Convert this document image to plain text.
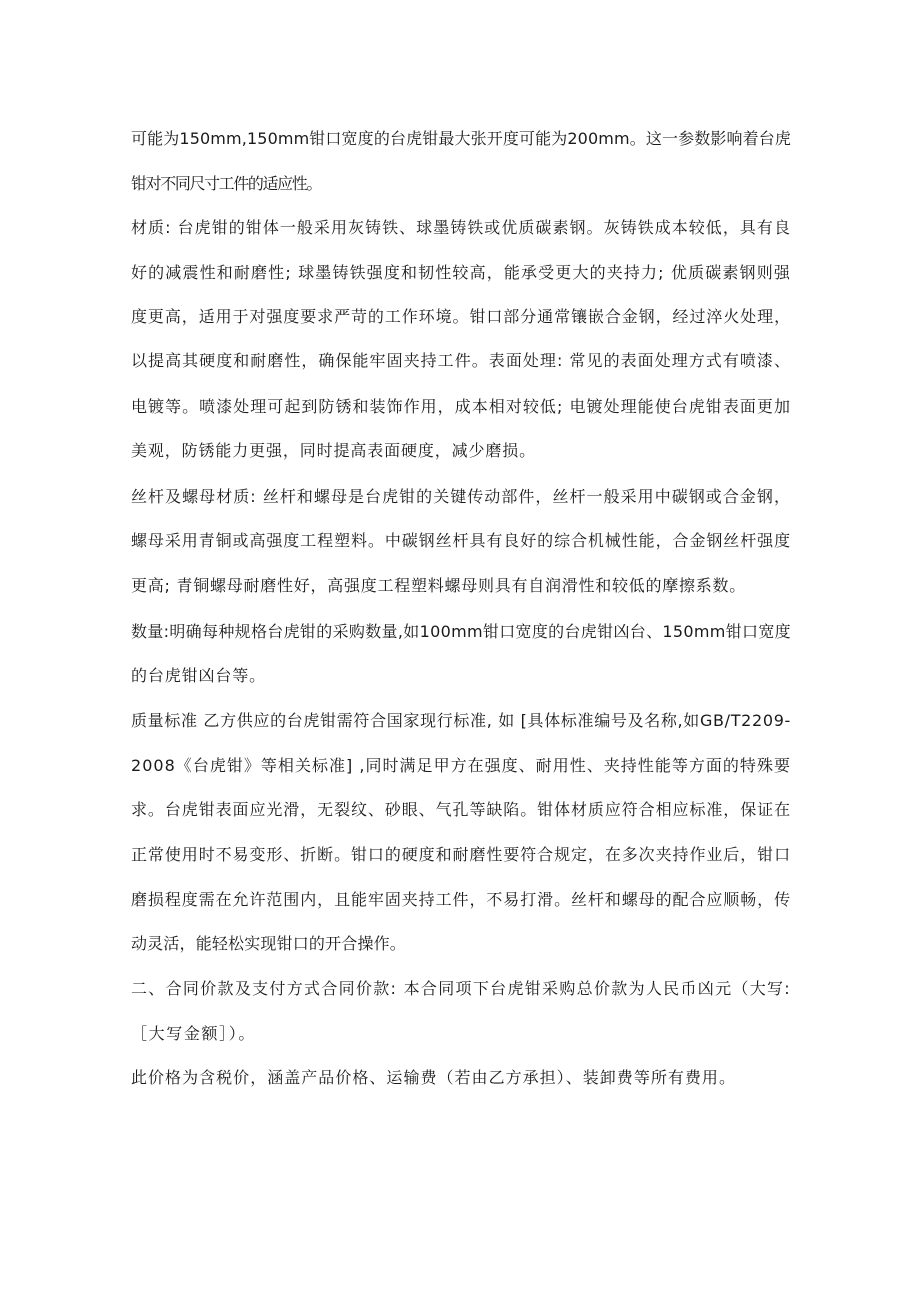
可能为150mm,150mm钳口宽度的台虎钳最大张开度可能为200mm。这一参数影响着台虎
钳对不同尺寸工件的适应性。
材质: 台虎钳的钳体一般采用灰铸铁、球墨铸铁或优质碳素钢。灰铸铁成本较低，具有良
好的减震性和耐磨性; 球墨铸铁强度和韧性较高，能承受更大的夹持力; 优质碳素钢则强
度更高，适用于对强度要求严苛的工作环境。钳口部分通常镶嵌合金钢，经过淬火处理，
以提高其硬度和耐磨性，确保能牢固夹持工件。表面处理: 常见的表面处理方式有喷漆、
电镀等。喷漆处理可起到防锈和装饰作用，成本相对较低; 电镀处理能使台虎钳表面更加
美观，防锈能力更强，同时提高表面硬度，减少磨损。
丝杆及螺母材质: 丝杆和螺母是台虎钳的关键传动部件，丝杆一般采用中碳钢或合金钢，
螺母采用青铜或高强度工程塑料。中碳钢丝杆具有良好的综合机械性能，合金钢丝杆强度
更高; 青铜螺母耐磨性好，高强度工程塑料螺母则具有自润滑性和较低的摩擦系数。
数量:明确每种规格台虎钳的采购数量,如100mm钳口宽度的台虎钳凶台、150mm钳口宽度
的台虎钳凶台等。
质量标准 乙方供应的台虎钳需符合国家现行标准, 如 [具体标准编号及名称,如GB/T2209-
2008《台虎钳》等相关标准] ,同时满足甲方在强度、耐用性、夹持性能等方面的特殊要
求。台虎钳表面应光滑，无裂纹、砂眼、气孔等缺陷。钳体材质应符合相应标准，保证在
正常使用时不易变形、折断。钳口的硬度和耐磨性要符合规定，在多次夹持作业后，钳口
磨损程度需在允许范围内，且能牢固夹持工件，不易打滑。丝杆和螺母的配合应顺畅，传
动灵活，能轻松实现钳口的开合操作。
二、合同价款及支付方式合同价款: 本合同项下台虎钳采购总价款为人民币凶元（大写:
［大写金额］）。
此价格为含税价，涵盖产品价格、运输费（若由乙方承担）、装卸费等所有费用。
